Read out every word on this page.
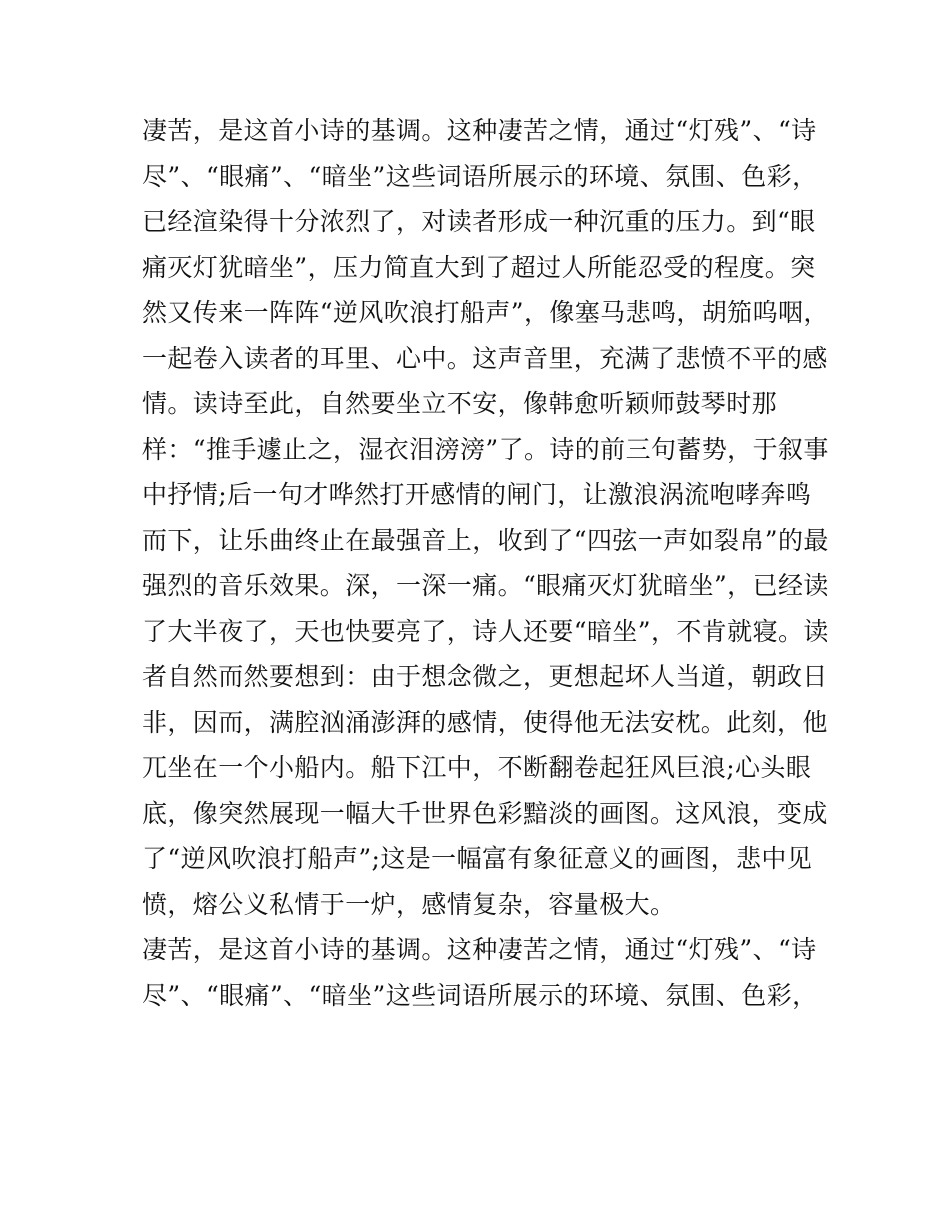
凄苦，是这首小诗的基调。这种凄苦之情，通过“灯残”、“诗
尽”、“眼痛”、“暗坐”这些词语所展示的环境、氛围、色彩，
已经渲染得十分浓烈了，对读者形成一种沉重的压力。到“眼
痛灭灯犹暗坐”，压力简直大到了超过人所能忍受的程度。突
然又传来一阵阵“逆风吹浪打船声”，像塞马悲鸣，胡笳呜咽，
一起卷入读者的耳里、心中。这声音里，充满了悲愤不平的感
情。读诗至此，自然要坐立不安，像韩愈听颖师鼓琴时那
样：“推手遽止之，湿衣泪滂滂”了。诗的前三句蓄势，于叙事
中抒情;后一句才哗然打开感情的闸门，让激浪涡流咆哮奔鸣
而下，让乐曲终止在最强音上，收到了“四弦一声如裂帛”的最
强烈的音乐效果。深，一深一痛。“眼痛灭灯犹暗坐”，已经读
了大半夜了，天也快要亮了，诗人还要“暗坐”，不肯就寝。读
者自然而然要想到：由于想念微之，更想起坏人当道，朝政日
非，因而，满腔汹涌澎湃的感情，使得他无法安枕。此刻，他
兀坐在一个小船内。船下江中，不断翻卷起狂风巨浪;心头眼
底，像突然展现一幅大千世界色彩黯淡的画图。这风浪，变成
了“逆风吹浪打船声”;这是一幅富有象征意义的画图，悲中见
愤，熔公义私情于一炉，感情复杂，容量极大。
凄苦，是这首小诗的基调。这种凄苦之情，通过“灯残”、“诗
尽”、“眼痛”、“暗坐”这些词语所展示的环境、氛围、色彩，
